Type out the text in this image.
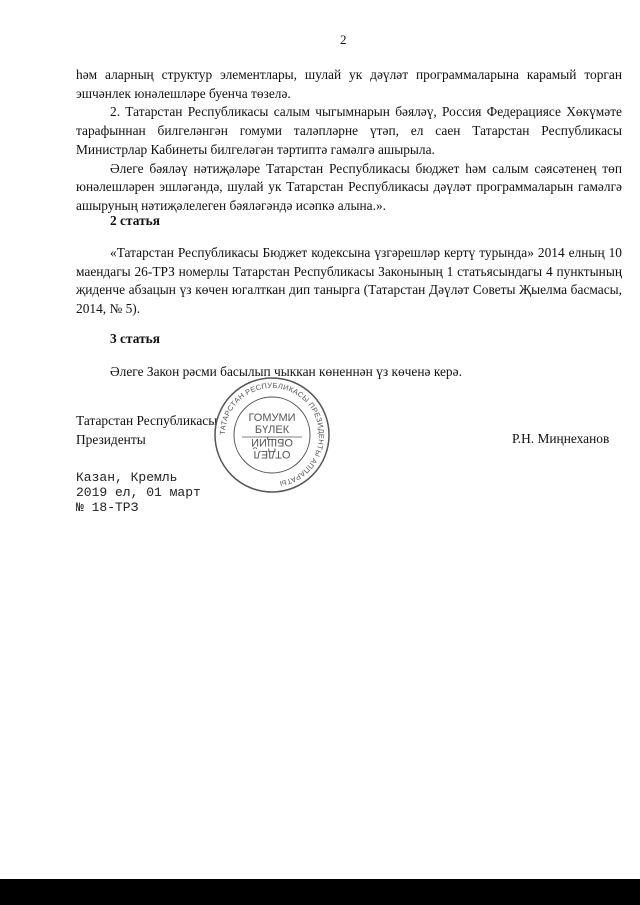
2

һәм аларның структур элементлары, шулай ук дәүләт программаларына карамый торган эшчәнлек юнәлешләре буенча төзелә.

2. Татарстан Республикасы салым чыгымнарын бәяләү, Россия Федерациясе Хөкүмәте тарафыннан билгеләнгән гомуми таләпләрне үтәп, ел саен Татарстан Республикасы Министрлар Кабинеты билгеләгән тәртиптә гамәлгә ашырыла.

Әлеге бәяләү нәтиҗәләре Татарстан Республикасы бюджет һәм салым сәясәтенең төп юнәлешләрен эшләгәндә, шулай ук Татарстан Республикасы дәүләт программаларын гамәлгә ашыруның нәтиҗәлелеген бәяләгәндә исәпкә алына.».

2 статья

«Татарстан Республикасы Бюджет кодексына үзгәрешләр кертү турында» 2014 елның 10 маендагы 26-ТРЗ номерлы Татарстан Республикасы Законының 1 статьясындагы 4 пунктының җиденче абзацын үз көчен югалткан дип танырга (Татарстан Дәүләт Советы Җыелма басмасы, 2014, № 5).

3 статья

Әлеге Закон рәсми басылып чыккан көненнән үз көченә керә.

Татарстан Республикасы
Президенты	Р.Н. Миңнеханов
ТАТАРСТАН РЕСПУБЛИКАСЫ ПРЕЗИДЕНТЫ АППАРАТЫ
ГОМУМИ
БҮЛЕК
ОТДЕЛ
ОБЩИЙ
Казан, Кремль
2019 ел, 01 март
№ 18-ТРЗ
